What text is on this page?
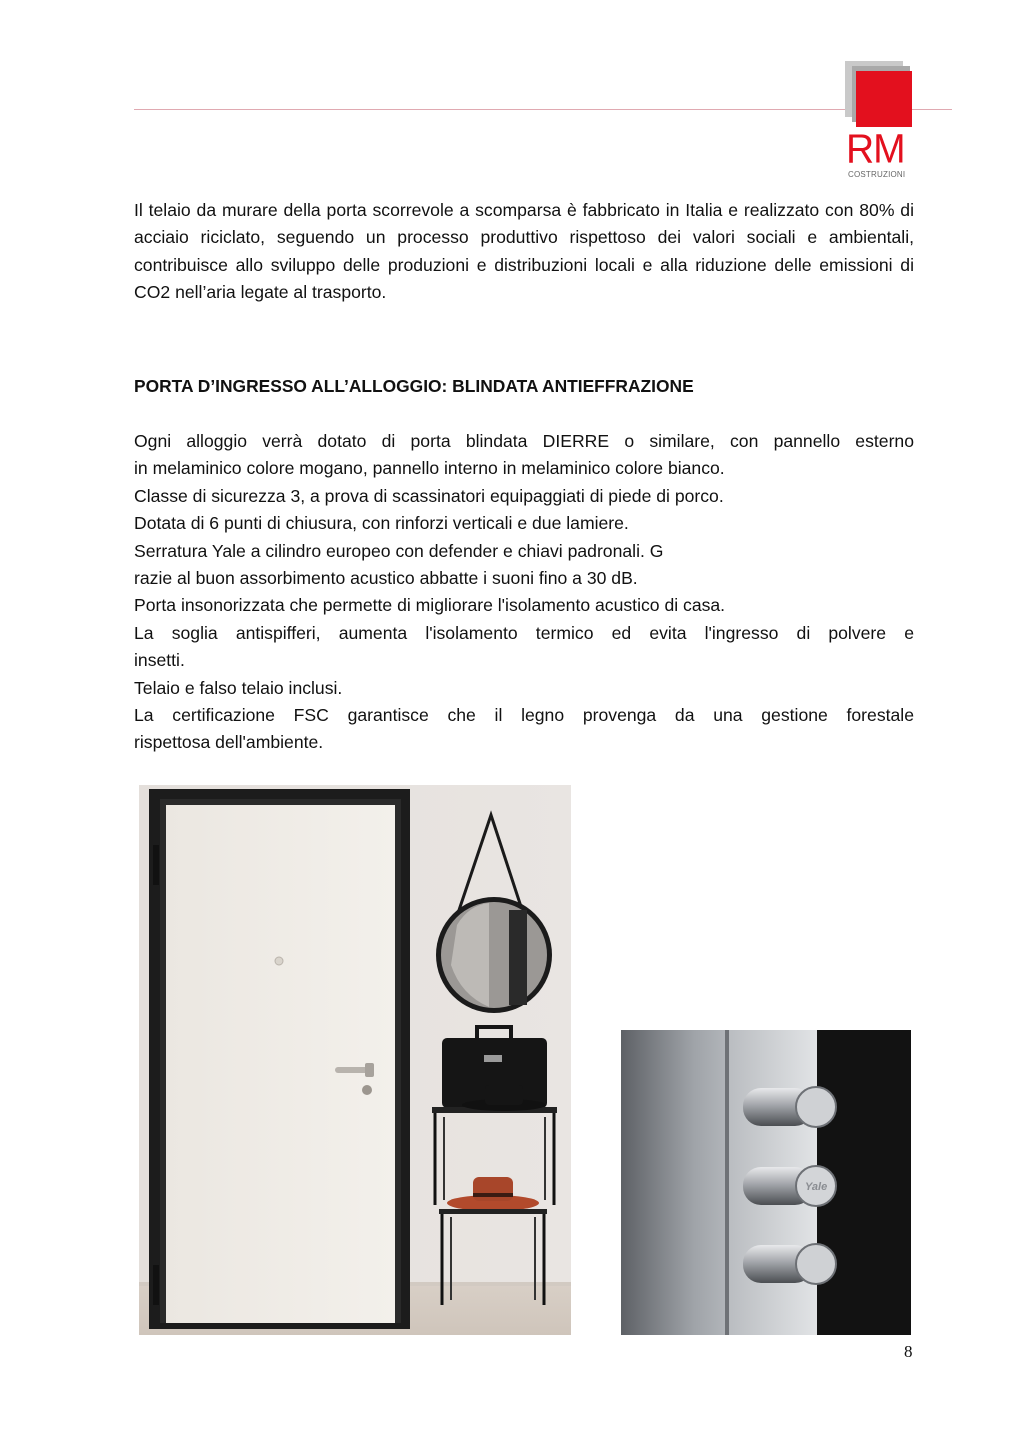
RM
COSTRUZIONI

Il telaio da murare della porta scorrevole a scomparsa è fabbricato in Italia e realizzato con 80% di acciaio riciclato, seguendo un processo produttivo rispettoso dei valori sociali e ambientali, contribuisce allo sviluppo delle produzioni e distribuzioni locali e alla riduzione delle emissioni di CO2 nell’aria legate al trasporto.

PORTA D’INGRESSO ALL’ALLOGGIO: BLINDATA ANTIEFFRAZIONE
Ogni alloggio verrà dotato di porta blindata DIERRE o similare, con pannello esterno
in melaminico colore mogano, pannello interno in melaminico colore bianco.
Classe di sicurezza 3, a prova di scassinatori equipaggiati di piede di porco.
Dotata di 6 punti di chiusura, con rinforzi verticali e due lamiere.
Serratura Yale a cilindro europeo con defender e chiavi padronali. G
razie al buon assorbimento acustico abbatte i suoni fino a 30 dB.
Porta insonorizzata che permette di migliorare l'isolamento acustico di casa.
La soglia antispifferi, aumenta l'isolamento termico ed evita l'ingresso di polvere e
insetti.
Telaio e falso telaio inclusi.
La certificazione FSC garantisce che il legno provenga da una gestione forestale
rispettosa dell'ambiente.
Yale
8
